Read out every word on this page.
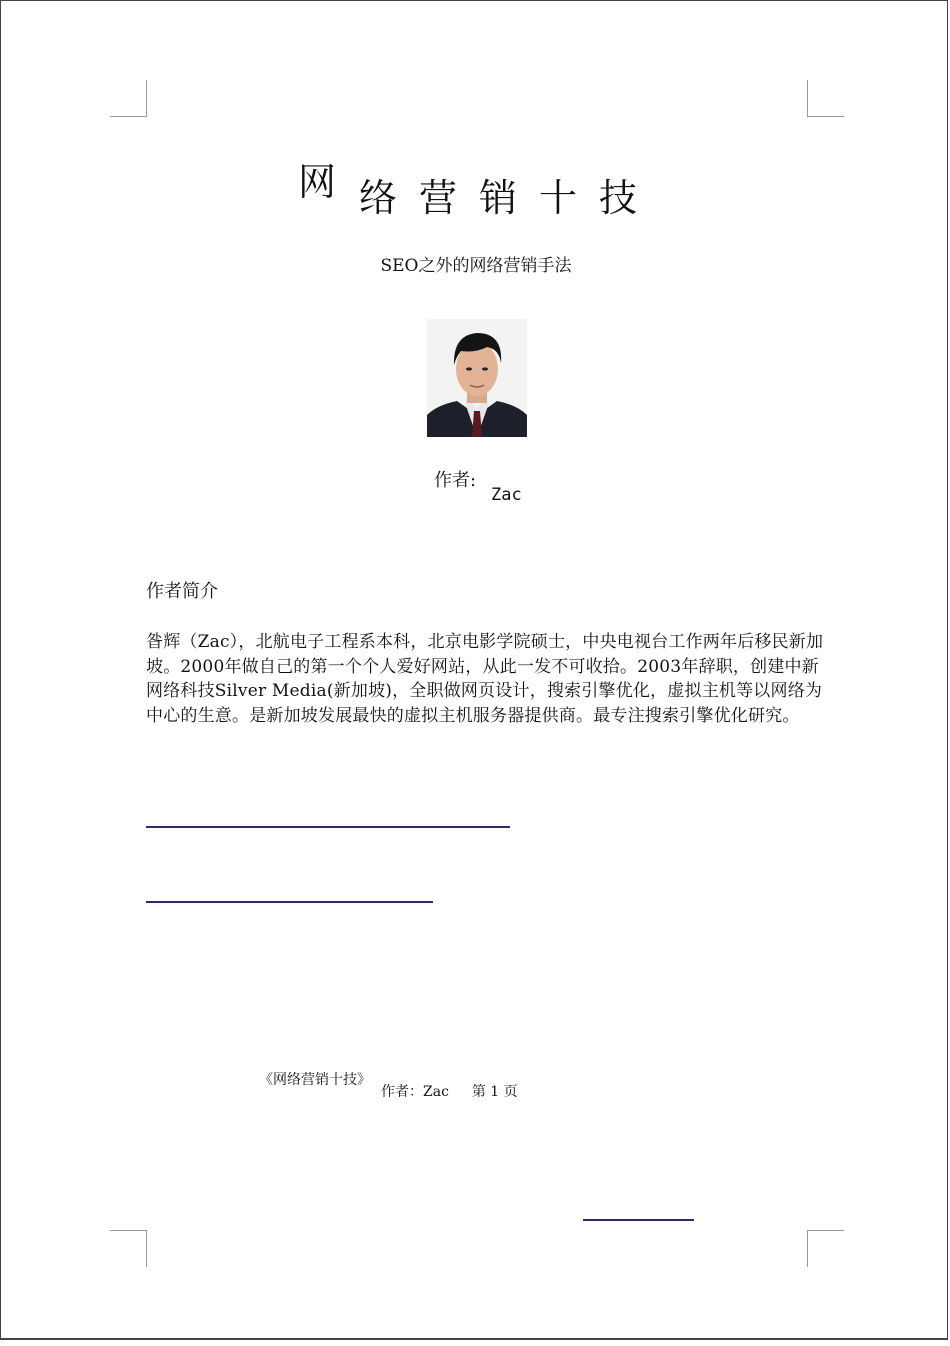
网 络营销十技
SEO之外的网络营销手法
作者:
Zac
作者简介
昝辉（Zac），北航电子工程系本科，北京电影学院硕士，中央电视台工作两年后移民新加坡。2000年做自己的第一个个人爱好网站，从此一发不可收拾。2003年辞职，创建中新网络科技Silver Media(新加坡)，全职做网页设计，搜索引擎优化，虚拟主机等以网络为中心的生意。是新加坡发展最快的虚拟主机服务器提供商。最专注搜索引擎优化研究。
《网络营销十技》
作者：Zac　  第 1 页
